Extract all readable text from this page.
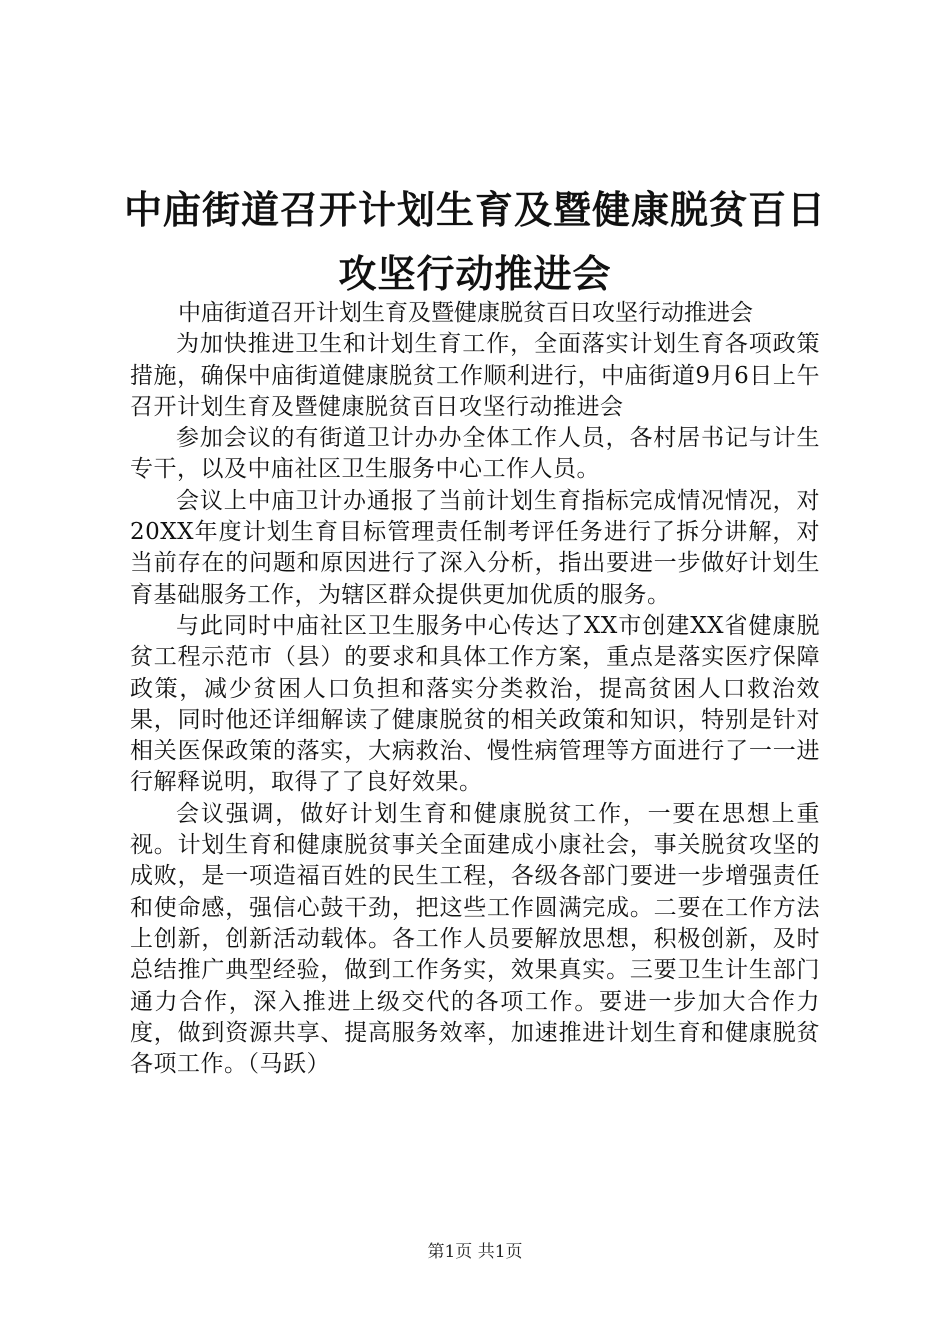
中庙街道召开计划生育及暨健康脱贫百日攻坚行动推进会

中庙街道召开计划生育及暨健康脱贫百日攻坚行动推进会

为加快推进卫生和计划生育工作，全面落实计划生育各项政策措施，确保中庙街道健康脱贫工作顺利进行，中庙街道9月6日上午召开计划生育及暨健康脱贫百日攻坚行动推进会

参加会议的有街道卫计办办全体工作人员，各村居书记与计生专干，以及中庙社区卫生服务中心工作人员。

会议上中庙卫计办通报了当前计划生育指标完成情况情况，对20XX年度计划生育目标管理责任制考评任务进行了拆分讲解，对当前存在的问题和原因进行了深入分析，指出要进一步做好计划生育基础服务工作，为辖区群众提供更加优质的服务。

与此同时中庙社区卫生服务中心传达了XX市创建XX省健康脱贫工程示范市（县）的要求和具体工作方案，重点是落实医疗保障政策，减少贫困人口负担和落实分类救治，提高贫困人口救治效果，同时他还详细解读了健康脱贫的相关政策和知识，特别是针对相关医保政策的落实，大病救治、慢性病管理等方面进行了一一进行解释说明，取得了了良好效果。

会议强调，做好计划生育和健康脱贫工作，一要在思想上重视。计划生育和健康脱贫事关全面建成小康社会，事关脱贫攻坚的成败，是一项造福百姓的民生工程，各级各部门要进一步增强责任和使命感，强信心鼓干劲，把这些工作圆满完成。二要在工作方法上创新，创新活动载体。各工作人员要解放思想，积极创新，及时总结推广典型经验，做到工作务实，效果真实。三要卫生计生部门通力合作，深入推进上级交代的各项工作。要进一步加大合作力度，做到资源共享、提高服务效率，加速推进计划生育和健康脱贫各项工作。（马跃）

第1页 共1页
